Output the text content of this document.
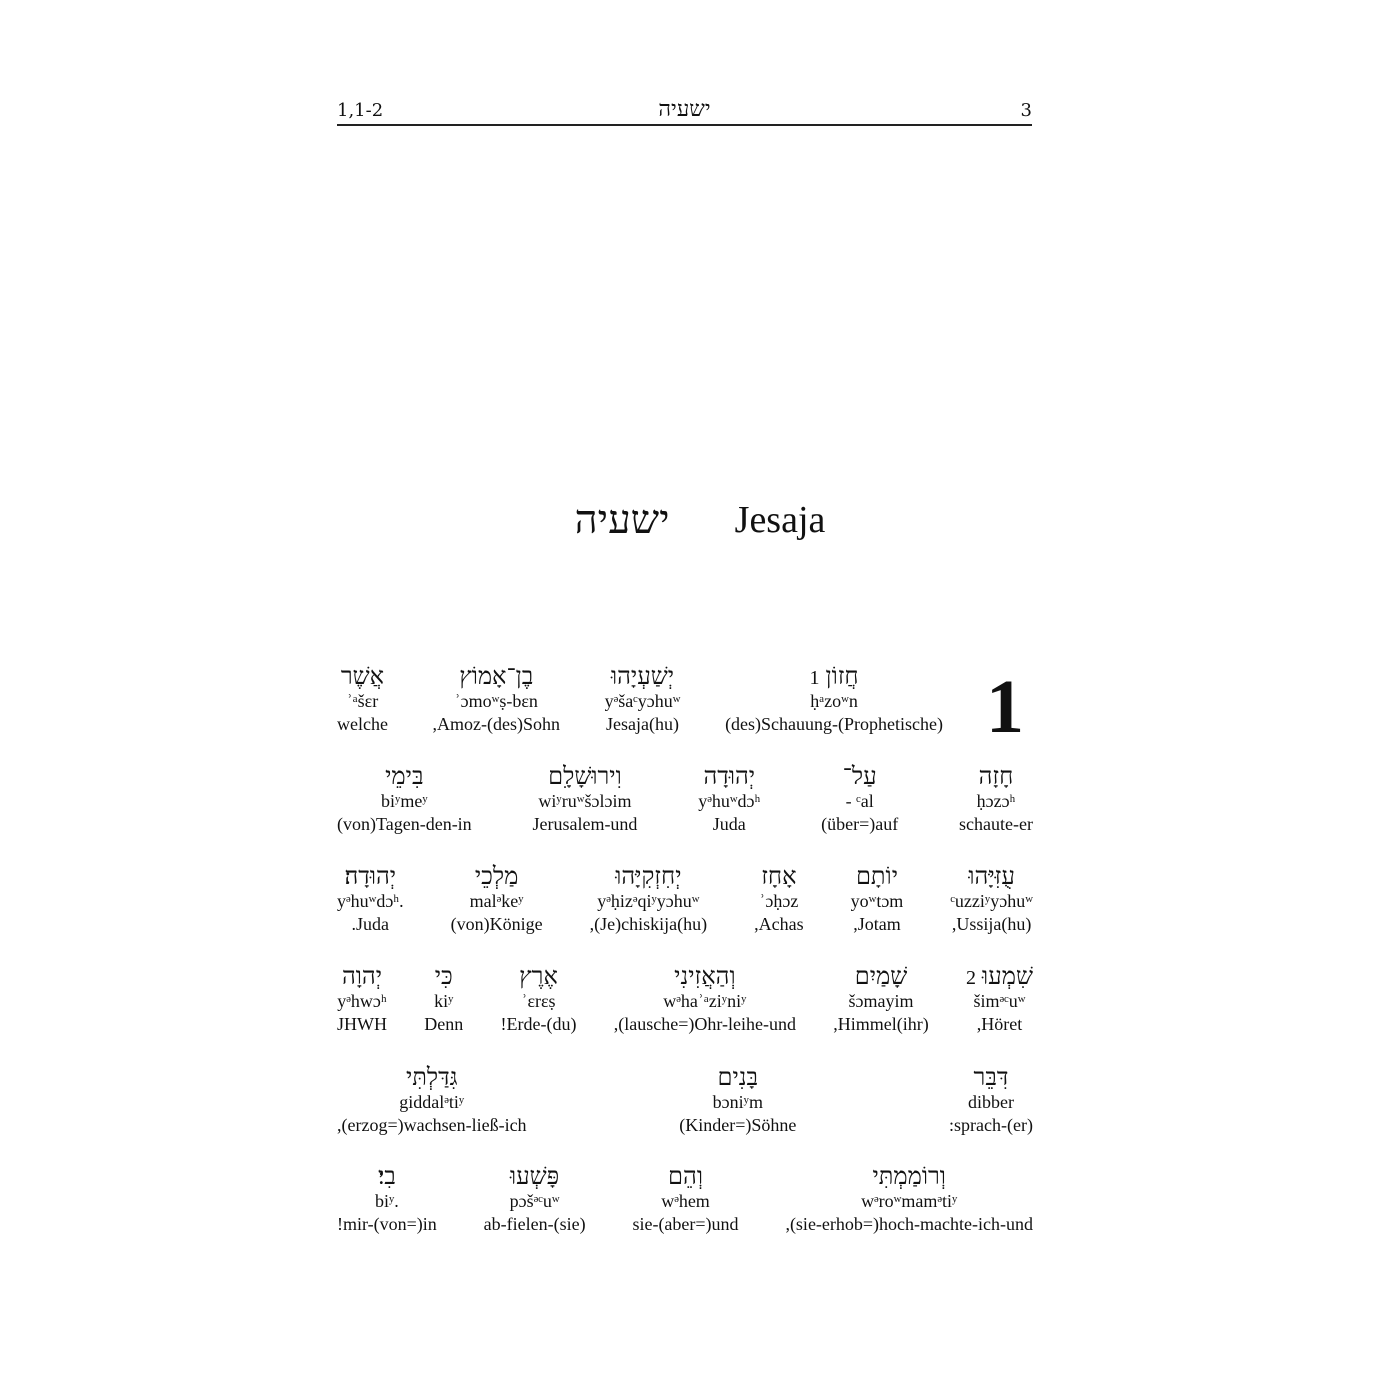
1,1-2	ישעיה	3
ישעיה Jesaja
1
חֲזוֹן1
ḥᵃzoʷn
(des)Schauung-(Prophetische)
יְשַׁעְיָהוּ
yᵊšaᶜyɔhuʷ
Jesaja(hu)
בֶן־אָמוֹץ
ʾɔmoʷṣ-bɛn
,Amoz-(des)Sohn
אֲשֶׁר
ʾᵃšɛr
welche
חָזָה
ḥɔzɔʰ
schaute-er
עַל־
- ᶜal
(über=)auf
יְהוּדָה
yᵊhuʷdɔʰ
Juda
וִירוּשָׁלִָם
wiʸruʷšɔlɔim
Jerusalem-und
בִּימֵי
biʸmeʸ
(von)Tagen-den-in
עֻזִּיָּהוּ
ᶜuzziʸyɔhuʷ
,Ussija(hu)
יוֹתָם
yoʷtɔm
,Jotam
אָחָז
ʾɔḥɔz
,Achas
יְחִזְקִיָּהוּ
yᵊḥizᵊqiʸyɔhuʷ
,(Je)chiskija(hu)
מַלְכֵי
malᵊkeʸ
(von)Könige
יְהוּדָה׃
yᵊhuʷdɔʰ.
.Juda
שִׁמְעוּ2
šimᵊᶜuʷ
,Höret
שָׁמַיִם
šɔmayim
,Himmel(ihr)
וְהַאֲזִינִי
wᵊhaʾᵃziʸniʸ
,(lausche=)Ohr-leihe-und
אֶרֶץ
ʾɛrɛṣ
!Erde-(du)
כִּי
kiʸ
Denn
יְהוָה
yᵊhwɔʰ
JHWH
דִּבֵּר
dibber
:sprach-(er)
בָּנִים
bɔniʸm
(Kinder=)Söhne
גִּדַּלְתִּי
giddalᵊtiʸ
,(erzog=)wachsen-ließ-ich
וְרוֹמַמְתִּי
wᵊroʷmamᵊtiʸ
,(sie-erhob=)hoch-machte-ich-und
וְהֵם
wᵊhem
sie-(aber=)und
פָּשְׁעוּ
pɔšᵊᶜuʷ
ab-fielen-(sie)
בִי׃
biʸ.
!mir-(von=)in
